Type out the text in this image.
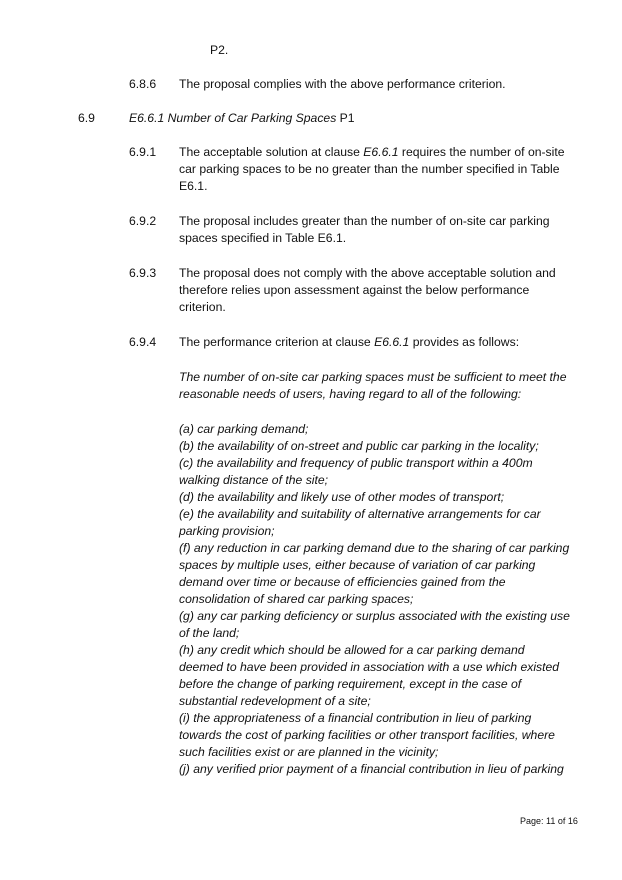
P2.
6.8.6 The proposal complies with the above performance criterion.
6.9	E6.6.1 Number of Car Parking Spaces P1
6.9.1 The acceptable solution at clause E6.6.1 requires the number of on-site
car parking spaces to be no greater than the number specified in Table
E6.1.
6.9.2 The proposal includes greater than the number of on-site car parking
spaces specified in Table E6.1.
6.9.3 The proposal does not comply with the above acceptable solution and
therefore relies upon assessment against the below performance
criterion.
6.9.4 The performance criterion at clause E6.6.1 provides as follows:
The number of on-site car parking spaces must be sufficient to meet the
reasonable needs of users, having regard to all of the following:
(a) car parking demand;
(b) the availability of on-street and public car parking in the locality;
(c) the availability and frequency of public transport within a 400m
walking distance of the site;
(d) the availability and likely use of other modes of transport;
(e) the availability and suitability of alternative arrangements for car
parking provision;
(f) any reduction in car parking demand due to the sharing of car parking
spaces by multiple uses, either because of variation of car parking
demand over time or because of efficiencies gained from the
consolidation of shared car parking spaces;
(g) any car parking deficiency or surplus associated with the existing use
of the land;
(h) any credit which should be allowed for a car parking demand
deemed to have been provided in association with a use which existed
before the change of parking requirement, except in the case of
substantial redevelopment of a site;
(i) the appropriateness of a financial contribution in lieu of parking
towards the cost of parking facilities or other transport facilities, where
such facilities exist or are planned in the vicinity;
(j) any verified prior payment of a financial contribution in lieu of parking
Page: 11 of 16
